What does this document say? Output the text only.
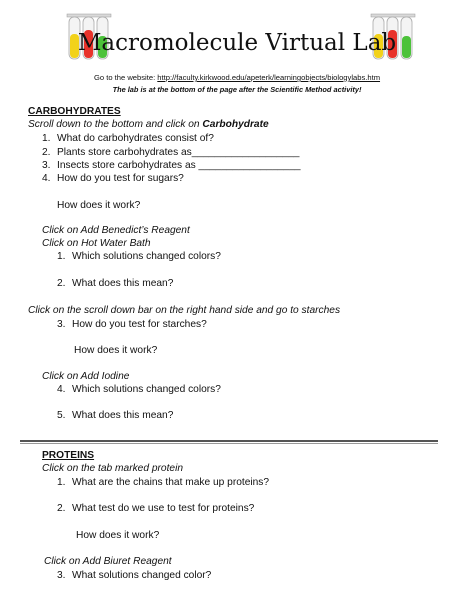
Macromolecule Virtual Lab
Go to the website: http://faculty.kirkwood.edu/apeterk/learningobjects/biologylabs.htm
The lab is at the bottom of the page after the Scientific Method activity!
CARBOHYDRATES
Scroll down to the bottom and click on Carbohydrate
1. What do carbohydrates consist of?
2. Plants store carbohydrates as___________________
3. Insects store carbohydrates as __________________
4. How do you test for sugars?
How does it work?
Click on Add Benedict’s Reagent
Click on Hot Water Bath
1. Which solutions changed colors?
2. What does this mean?
Click on the scroll down bar on the right hand side and go to starches
3. How do you test for starches?
How does it work?
Click on Add Iodine
4. Which solutions changed colors?
5. What does this mean?
PROTEINS
Click on the tab marked protein
1. What are the chains that make up proteins?
2. What test do we use to test for proteins?
How does it work?
Click on Add Biuret Reagent
3. What solutions changed color?
